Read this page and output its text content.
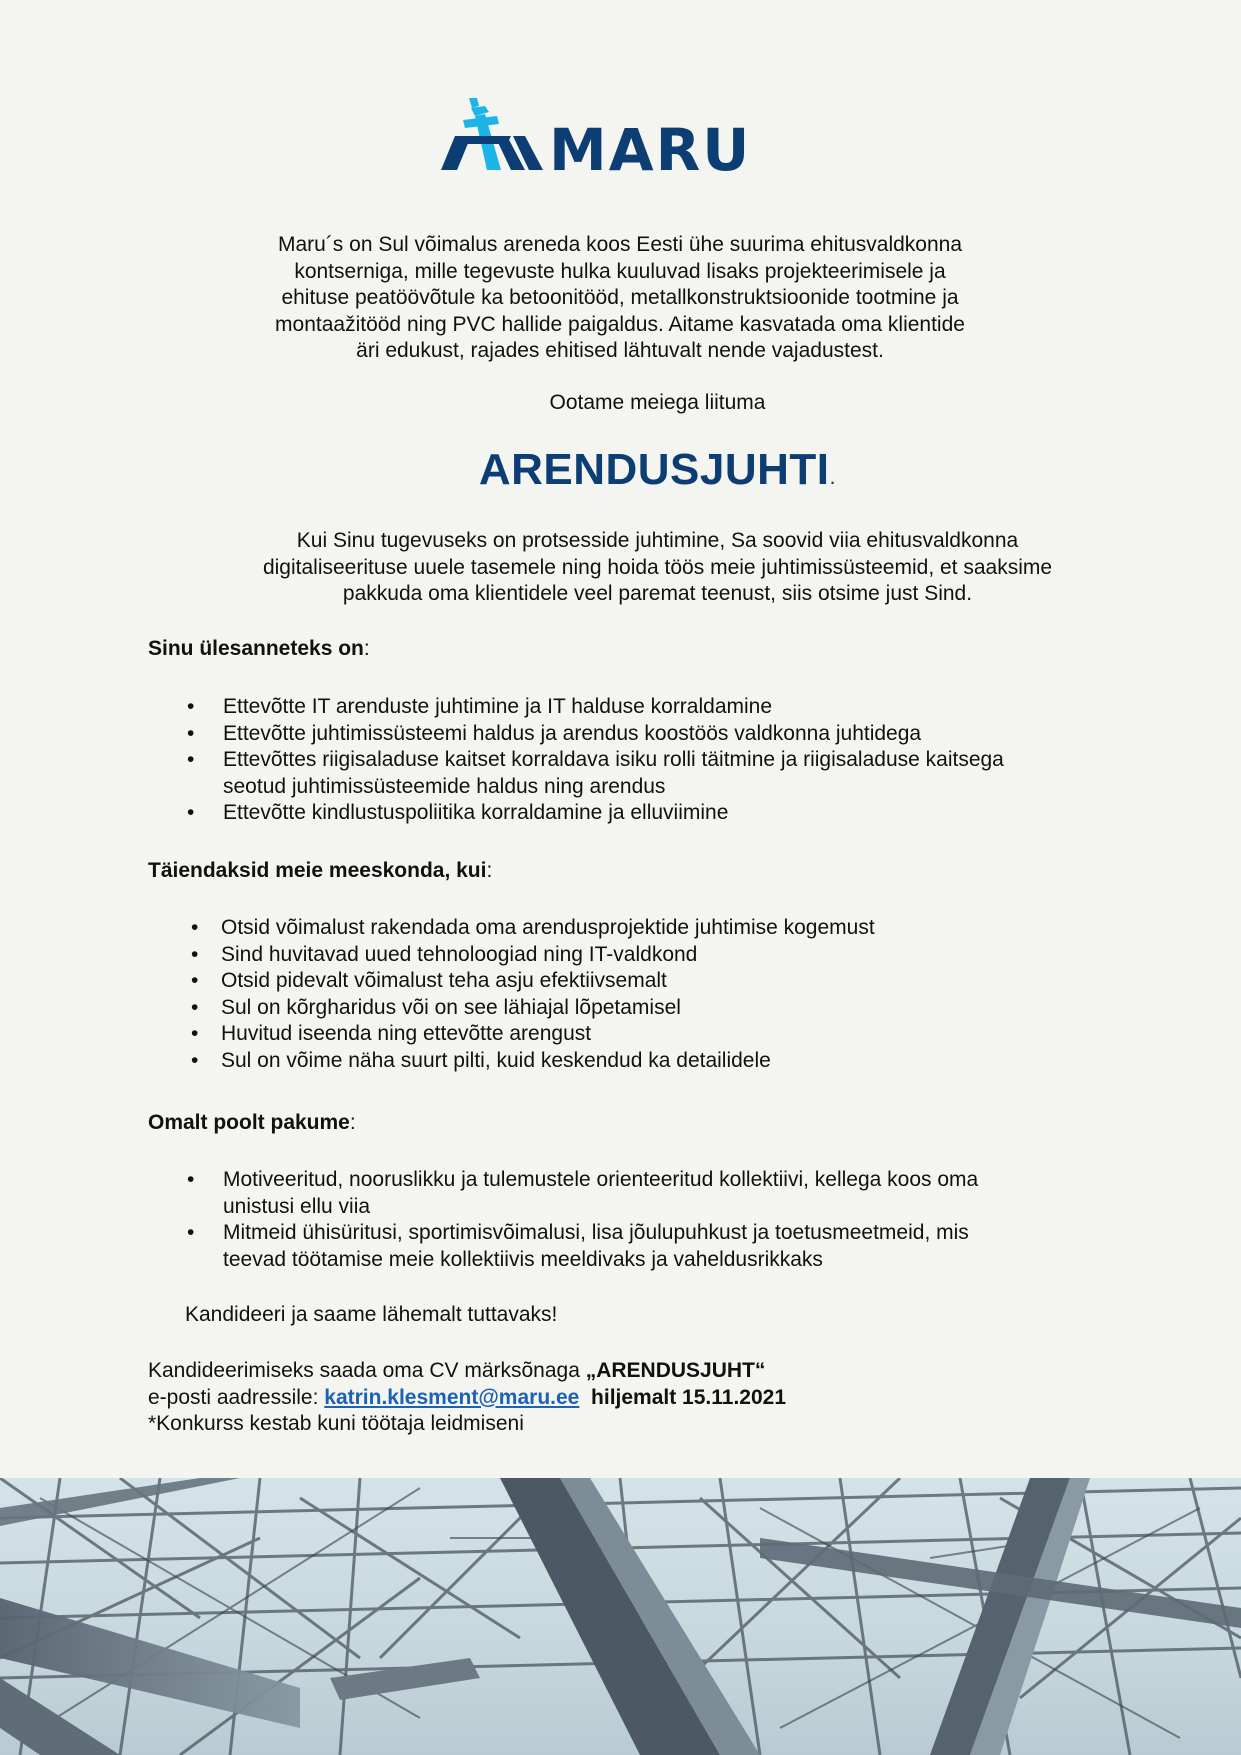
MARU
Maru´s on Sul võimalus areneda koos Eesti ühe suurima ehitusvaldkonna
kontserniga, mille tegevuste hulka kuuluvad lisaks projekteerimisele ja
ehituse peatöövõtule ka betoonitööd, metallkonstruktsioonide tootmine ja
montaažitööd ning PVC hallide paigaldus. Aitame kasvatada oma klientide
äri edukust, rajades ehitised lähtuvalt nende vajadustest.
Ootame meiega liituma
ARENDUSJUHTI.
Kui Sinu tugevuseks on protsesside juhtimine, Sa soovid viia ehitusvaldkonna
digitaliseerituse uuele tasemele ning hoida töös meie juhtimissüsteemid, et saaksime
pakkuda oma klientidele veel paremat teenust, siis otsime just Sind.
Sinu ülesanneteks on:
• Ettevõtte IT arenduste juhtimine ja IT halduse korraldamine
• Ettevõtte juhtimissüsteemi haldus ja arendus koostöös valdkonna juhtidega
• Ettevõttes riigisaladuse kaitset korraldava isiku rolli täitmine ja riigisaladuse kaitsega
seotud juhtimissüsteemide haldus ning arendus
• Ettevõtte kindlustuspoliitika korraldamine ja elluviimine
Täiendaksid meie meeskonda, kui:
• Otsid võimalust rakendada oma arendusprojektide juhtimise kogemust
• Sind huvitavad uued tehnoloogiad ning IT-valdkond
• Otsid pidevalt võimalust teha asju efektiivsemalt
• Sul on kõrgharidus või on see lähiajal lõpetamisel
• Huvitud iseenda ning ettevõtte arengust
• Sul on võime näha suurt pilti, kuid keskendud ka detailidele
Omalt poolt pakume:
• Motiveeritud, nooruslikku ja tulemustele orienteeritud kollektiivi, kellega koos oma
unistusi ellu viia
• Mitmeid ühisüritusi, sportimisvõimalusi, lisa jõulupuhkust ja toetusmeetmeid, mis
teevad töötamise meie kollektiivis meeldivaks ja vaheldusrikkaks
Kandideeri ja saame lähemalt tuttavaks!
Kandideerimiseks saada oma CV märksõnaga „ARENDUSJUHT“
e-posti aadressile: katrin.klesment@maru.ee hiljemalt 15.11.2021
*Konkurss kestab kuni töötaja leidmiseni
